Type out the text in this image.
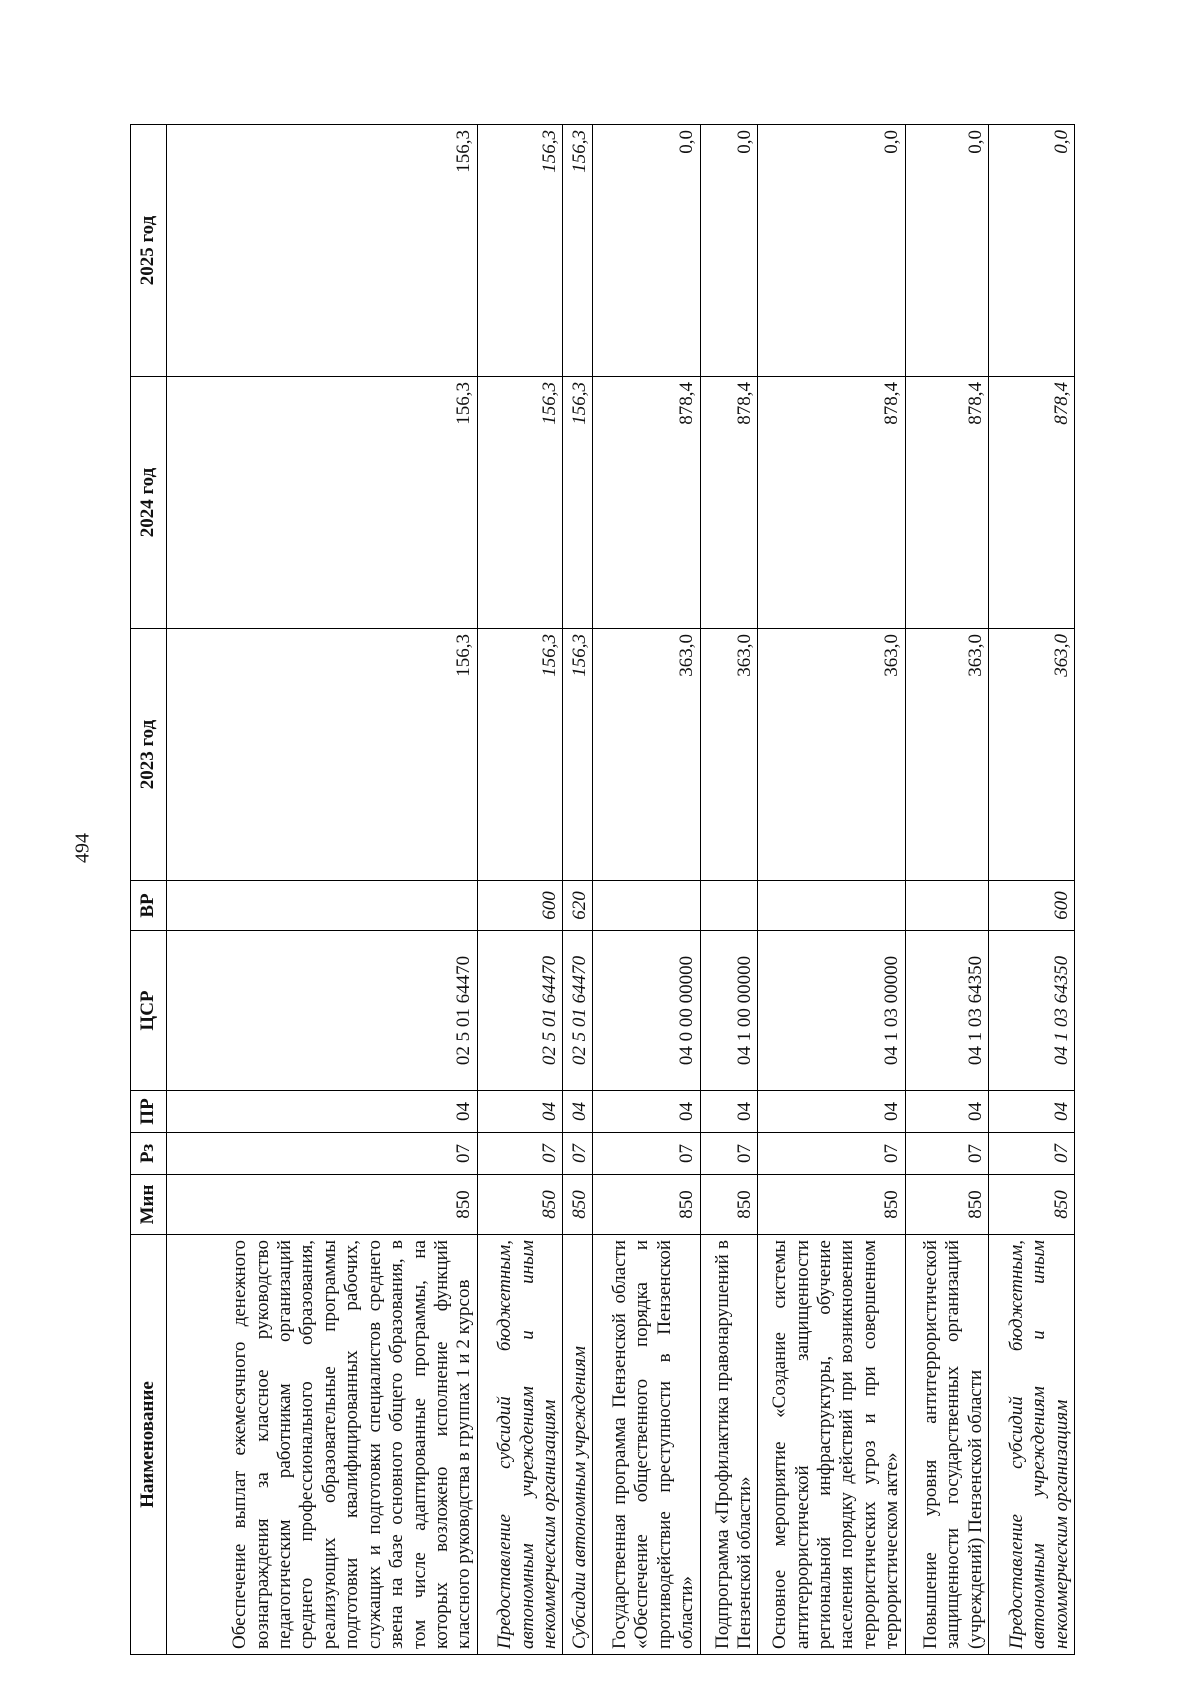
494
Наименование	Мин	Рз	ПР	ЦСР	ВР	2023 год	2024 год	2025 год
Обеспечение выплат ежемесячного денежного вознаграждения за классное руководство педагогическим работникам организаций среднего профессионального образования, реализующих образовательные программы подготовки квалифицированных рабочих, служащих и подготовки специалистов среднего звена на базе основного общего образования, в том числе адаптированные программы, на которых возложено исполнение функций классного руководства в группах 1 и 2 курсов	850	07	04	02 5 01 64470		156,3	156,3	156,3
Предоставление субсидий бюджетным, автономным учреждениям и иным некоммерческим организациям	850	07	04	02 5 01 64470	600	156,3	156,3	156,3
Субсидии автономным учреждениям	850	07	04	02 5 01 64470	620	156,3	156,3	156,3
Государственная программа Пензенской области «Обеспечение общественного порядка и противодействие преступности в Пензенской области»	850	07	04	04 0 00 00000		363,0	878,4	0,0
Подпрограмма «Профилактика правонарушений в Пензенской области»	850	07	04	04 1 00 00000		363,0	878,4	0,0
Основное мероприятие «Создание системы антитеррористической защищенности региональной инфраструктуры, обучение населения порядку действий при возникновении террористических угроз и при совершенном террористическом акте»	850	07	04	04 1 03 00000		363,0	878,4	0,0
Повышение уровня антитеррористической защищенности государственных организаций (учреждений) Пензенской области	850	07	04	04 1 03 64350		363,0	878,4	0,0
Предоставление субсидий бюджетным, автономным учреждениям и иным некоммерческим организациям	850	07	04	04 1 03 64350	600	363,0	878,4	0,0
